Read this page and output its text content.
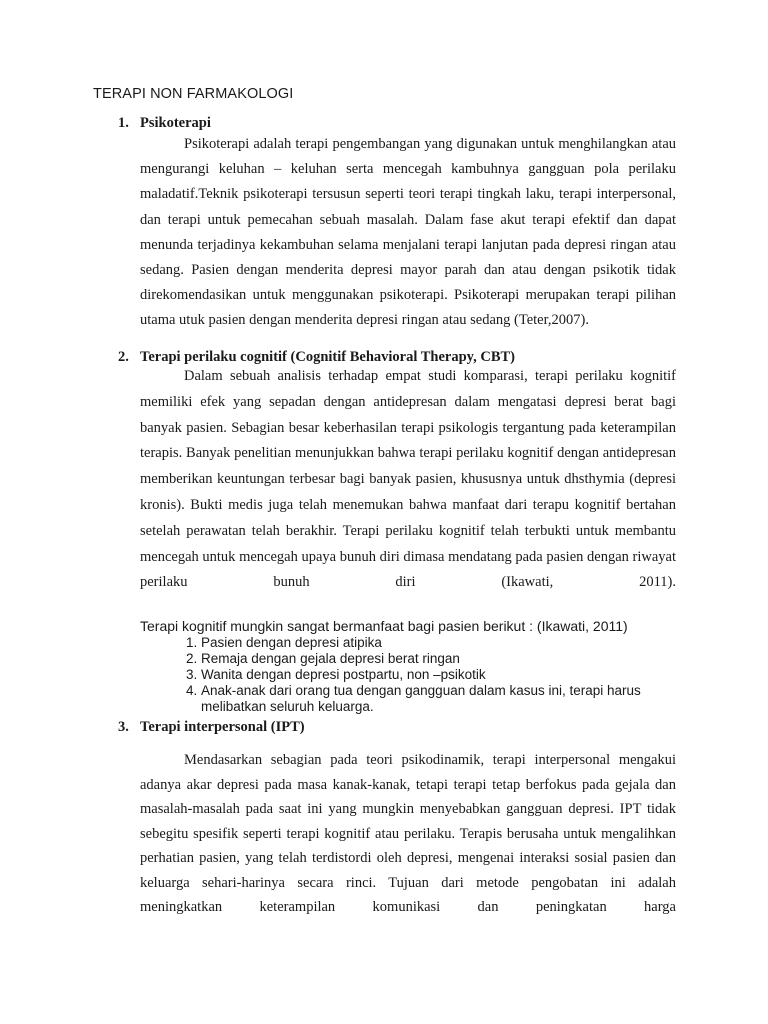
TERAPI NON FARMAKOLOGI
1. Psikoterapi

Psikoterapi adalah terapi pengembangan yang digunakan untuk menghilangkan atau mengurangi keluhan – keluhan serta mencegah kambuhnya gangguan pola perilaku maladatif.Teknik psikoterapi tersusun seperti teori terapi tingkah laku, terapi interpersonal, dan terapi untuk pemecahan sebuah masalah. Dalam fase akut terapi efektif dan dapat menunda terjadinya kekambuhan selama menjalani terapi lanjutan pada depresi ringan atau sedang. Pasien dengan menderita depresi mayor parah dan atau dengan psikotik tidak direkomendasikan untuk menggunakan psikoterapi. Psikoterapi merupakan terapi pilihan utama utuk pasien dengan menderita depresi ringan atau sedang (Teter,2007).

2. Terapi perilaku cognitif (Cognitif Behavioral Therapy, CBT)

Dalam sebuah analisis terhadap empat studi komparasi, terapi perilaku kognitif memiliki efek yang sepadan dengan antidepresan dalam mengatasi depresi berat bagi banyak pasien. Sebagian besar keberhasilan terapi psikologis tergantung pada keterampilan terapis. Banyak penelitian menunjukkan bahwa terapi perilaku kognitif dengan antidepresan memberikan keuntungan terbesar bagi banyak pasien, khususnya untuk dhsthymia (depresi kronis). Bukti medis juga telah menemukan bahwa manfaat dari terapu kognitif bertahan setelah perawatan telah berakhir. Terapi perilaku kognitif telah terbukti untuk membantu mencegah untuk mencegah upaya bunuh diri dimasa mendatang pada pasien dengan riwayat perilaku bunuh diri (Ikawati, 2011).

Terapi kognitif mungkin sangat bermanfaat bagi pasien berikut : (Ikawati, 2011)
1. Pasien dengan depresi atipika
2. Remaja dengan gejala depresi berat ringan
3. Wanita dengan depresi postpartu, non –psikotik
4. Anak-anak dari orang tua dengan gangguan dalam kasus ini, terapi harus melibatkan seluruh keluarga.
3. Terapi interpersonal (IPT)

Mendasarkan sebagian pada teori psikodinamik, terapi interpersonal mengakui adanya akar depresi pada masa kanak-kanak, tetapi terapi tetap berfokus pada gejala dan masalah-masalah pada saat ini yang mungkin menyebabkan gangguan depresi. IPT tidak sebegitu spesifik seperti terapi kognitif atau perilaku. Terapis berusaha untuk mengalihkan perhatian pasien, yang telah terdistordi oleh depresi, mengenai interaksi sosial pasien dan keluarga sehari-harinya secara rinci. Tujuan dari metode pengobatan ini adalah meningkatkan keterampilan komunikasi dan peningkatan harga
